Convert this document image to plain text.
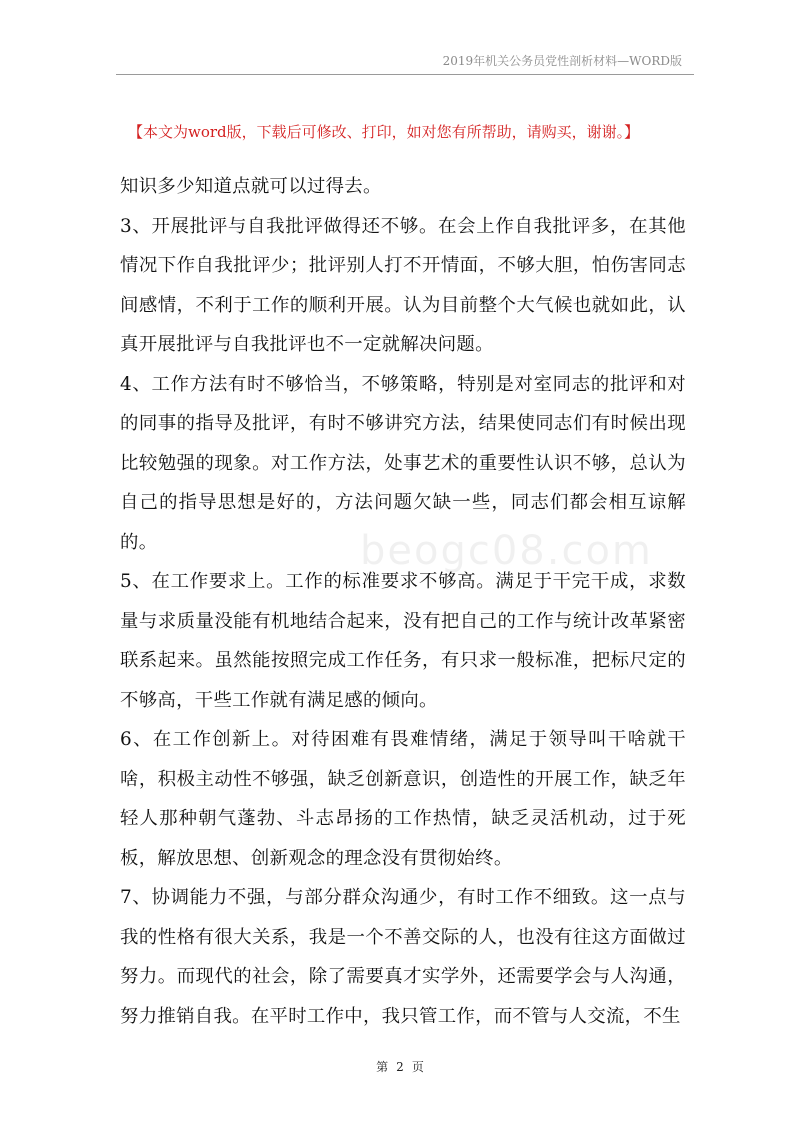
2019年机关公务员党性剖析材料—WORD版
【本文为word版，下载后可修改、打印，如对您有所帮助，请购买，谢谢。】
beogc08.com

知识多少知道点就可以过得去。

3、开展批评与自我批评做得还不够。在会上作自我批评多，在其他情况下作自我批评少；批评别人打不开情面，不够大胆，怕伤害同志间感情，不利于工作的顺利开展。认为目前整个大气候也就如此，认真开展批评与自我批评也不一定就解决问题。

4、工作方法有时不够恰当，不够策略，特别是对室同志的批评和对的同事的指导及批评，有时不够讲究方法，结果使同志们有时候出现比较勉强的现象。对工作方法，处事艺术的重要性认识不够，总认为自己的指导思想是好的，方法问题欠缺一些，同志们都会相互谅解的。

5、在工作要求上。工作的标准要求不够高。满足于干完干成，求数量与求质量没能有机地结合起来，没有把自己的工作与统计改革紧密联系起来。虽然能按照完成工作任务，有只求一般标准，把标尺定的不够高，干些工作就有满足感的倾向。

6、在工作创新上。对待困难有畏难情绪，满足于领导叫干啥就干啥，积极主动性不够强，缺乏创新意识，创造性的开展工作，缺乏年轻人那种朝气蓬勃、斗志昂扬的工作热情，缺乏灵活机动，过于死板，解放思想、创新观念的理念没有贯彻始终。

7、协调能力不强，与部分群众沟通少，有时工作不细致。这一点与我的性格有很大关系，我是一个不善交际的人，也没有往这方面做过努力。而现代的社会，除了需要真才实学外，还需要学会与人沟通，努力推销自我。在平时工作中，我只管工作，而不管与人交流，不生

第 2 页
